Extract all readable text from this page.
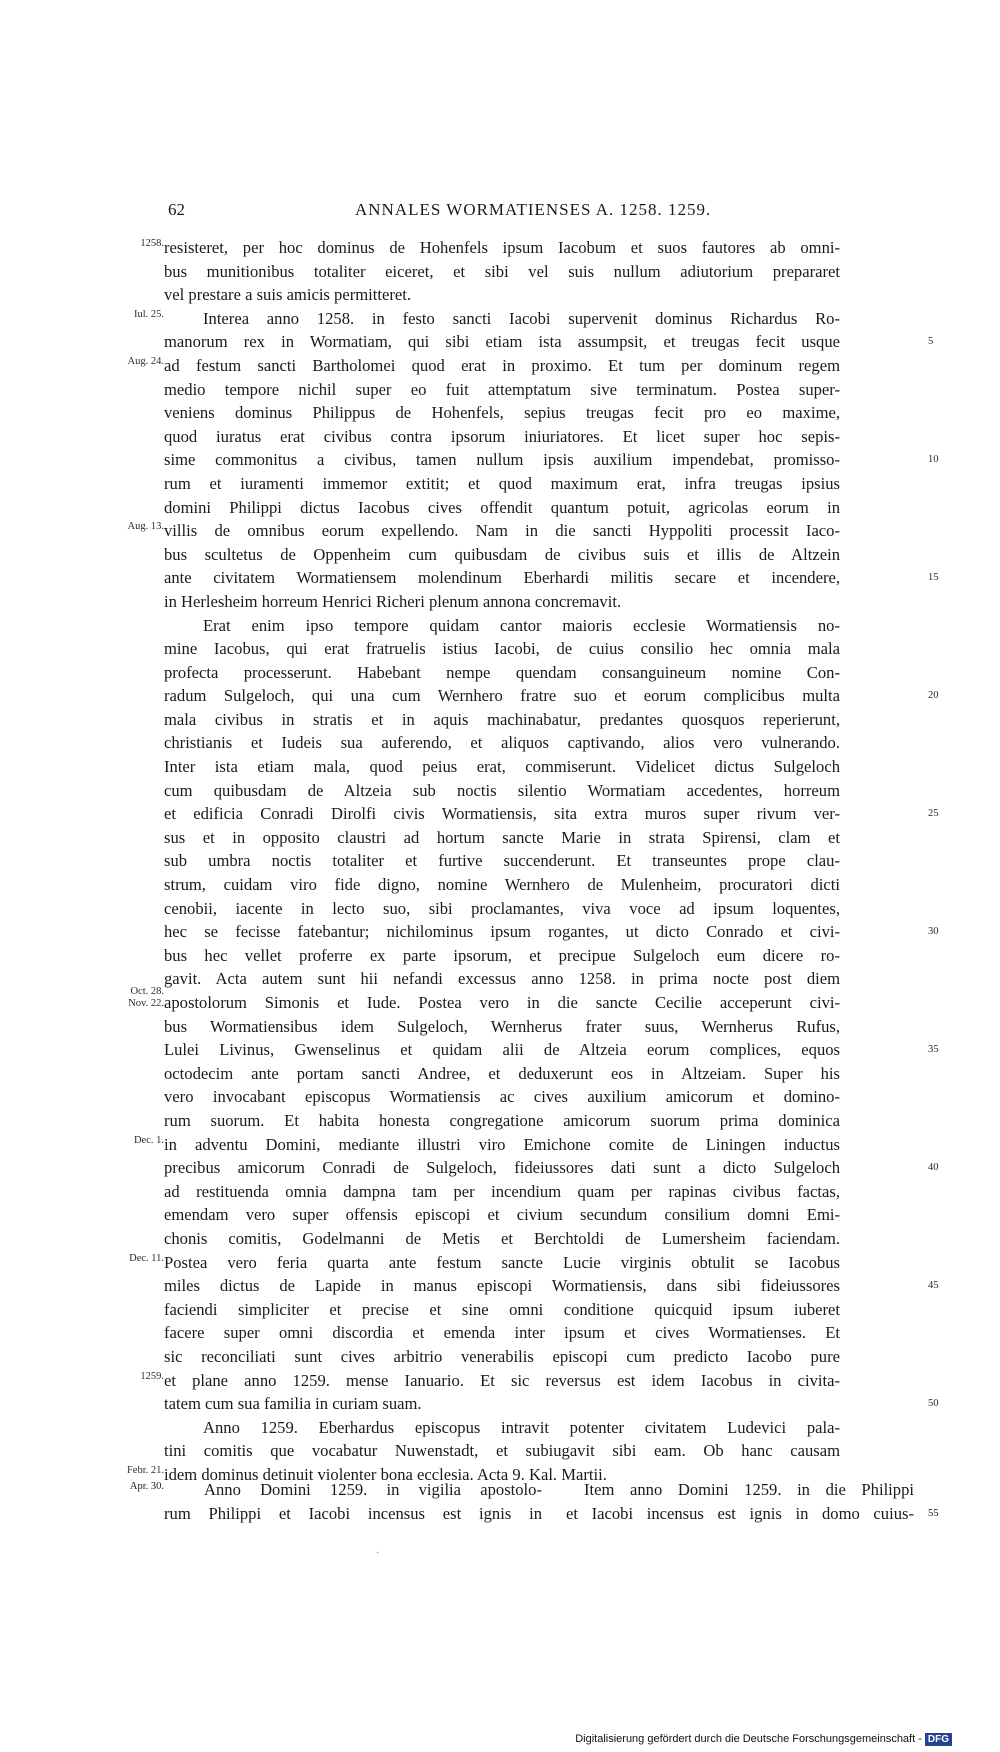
62	ANNALES WORMATIENSES A. 1258. 1259.
1258. resisteret, per hoc dominus de Hohenfels ipsum Iacobum et suos fautores ab omni-
bus munitionibus totaliter eiceret, et sibi vel suis nullum adiutorium prepararet
vel prestare a suis amicis permitteret.
Iul. 25. Interea anno 1258. in festo sancti Iacobi supervenit dominus Richardus Ro-
manorum rex in Wormatiam, qui sibi etiam ista assumpsit, et treugas fecit usque	5
Aug. 24. ad festum sancti Bartholomei quod erat in proximo. Et tum per dominum regem
medio tempore nichil super eo fuit attemptatum sive terminatum. Postea super-
veniens dominus Philippus de Hohenfels, sepius treugas fecit pro eo maxime,
quod iuratus erat civibus contra ipsorum iniuriatores. Et licet super hoc sepis-
sime commonitus a civibus, tamen nullum ipsis auxilium impendebat, promisso-	10
rum et iuramenti immemor extitit; et quod maximum erat, infra treugas ipsius
domini Philippi dictus Iacobus cives offendit quantum potuit, agricolas eorum in
Aug. 13. villis de omnibus eorum expellendo. Nam in die sancti Hyppoliti processit Iaco-
bus scultetus de Oppenheim cum quibusdam de civibus suis et illis de Altzein
ante civitatem Wormatiensem molendinum Eberhardi militis secare et incendere,	15
in Herlesheim horreum Henrici Richeri plenum annona concremavit.
Erat enim ipso tempore quidam cantor maioris ecclesie Wormatiensis no-
mine Iacobus, qui erat fratruelis istius Iacobi, de cuius consilio hec omnia mala
profecta processerunt. Habebant nempe quendam consanguineum nomine Con-
radum Sulgeloch, qui una cum Wernhero fratre suo et eorum complicibus multa	20
mala civibus in stratis et in aquis machinabatur, predantes quosquos reperierunt,
christianis et Iudeis sua auferendo, et aliquos captivando, alios vero vulnerando.
Inter ista etiam mala, quod peius erat, commiserunt. Videlicet dictus Sulgeloch
cum quibusdam de Altzeia sub noctis silentio Wormatiam accedentes, horreum
et edificia Conradi Dirolfi civis Wormatiensis, sita extra muros super rivum ver-	25
sus et in opposito claustri ad hortum sancte Marie in strata Spirensi, clam et
sub umbra noctis totaliter et furtive succenderunt. Et transeuntes prope clau-
strum, cuidam viro fide digno, nomine Wernhero de Mulenheim, procuratori dicti
cenobii, iacente in lecto suo, sibi proclamantes, viva voce ad ipsum loquentes,
hec se fecisse fatebantur; nichilominus ipsum rogantes, ut dicto Conrado et civi-	30
bus hec vellet proferre ex parte ipsorum, et precipue Sulgeloch eum dicere ro-
gavit. Acta autem sunt hii nefandi excessus anno 1258. in prima nocte post diem
Oct. 28.
Nov. 22. apostolorum Simonis et Iude. Postea vero in die sancte Cecilie acceperunt civi-
bus Wormatiensibus idem Sulgeloch, Wernherus frater suus, Wernherus Rufus,
Lulei Livinus, Gwenselinus et quidam alii de Altzeia eorum complices, equos	35
octodecim ante portam sancti Andree, et deduxerunt eos in Altzeiam. Super his
vero invocabant episcopus Wormatiensis ac cives auxilium amicorum et domino-
rum suorum. Et habita honesta congregatione amicorum suorum prima dominica
Dec. 1. in adventu Domini, mediante illustri viro Emichone comite de Liningen inductus
precibus amicorum Conradi de Sulgeloch, fideiussores dati sunt a dicto Sulgeloch	40
ad restituenda omnia dampna tam per incendium quam per rapinas civibus factas,
emendam vero super offensis episcopi et civium secundum consilium domni Emi-
chonis comitis, Godelmanni de Metis et Berchtoldi de Lumersheim faciendam.
Dec. 11. Postea vero feria quarta ante festum sancte Lucie virginis obtulit se Iacobus
miles dictus de Lapide in manus episcopi Wormatiensis, dans sibi fideiussores	45
faciendi simpliciter et precise et sine omni conditione quicquid ipsum iuberet
facere super omni discordia et emenda inter ipsum et cives Wormatienses. Et
sic reconciliati sunt cives arbitrio venerabilis episcopi cum predicto Iacobo pure
1259. et plane anno 1259. mense Ianuario. Et sic reversus est idem Iacobus in civita-
tatem cum sua familia in curiam suam.	50
Anno 1259. Eberhardus episcopus intravit potenter civitatem Ludevici pala-
tini comitis que vocabatur Nuwenstadt, et subiugavit sibi eam. Ob hanc causam
Febr. 21. idem dominus detinuit violenter bona ecclesia. Acta 9. Kal. Martii.
Apr. 30.	Anno Domini 1259. in vigilia apostolo-
rum Philippi et Iacobi incensus est ignis in
Item anno Domini 1259. in die Philippi
et Iacobi incensus est ignis in domo cuius- 55
·
Digitalisierung gefördert durch die Deutsche Forschungsgemeinschaft - DFG
